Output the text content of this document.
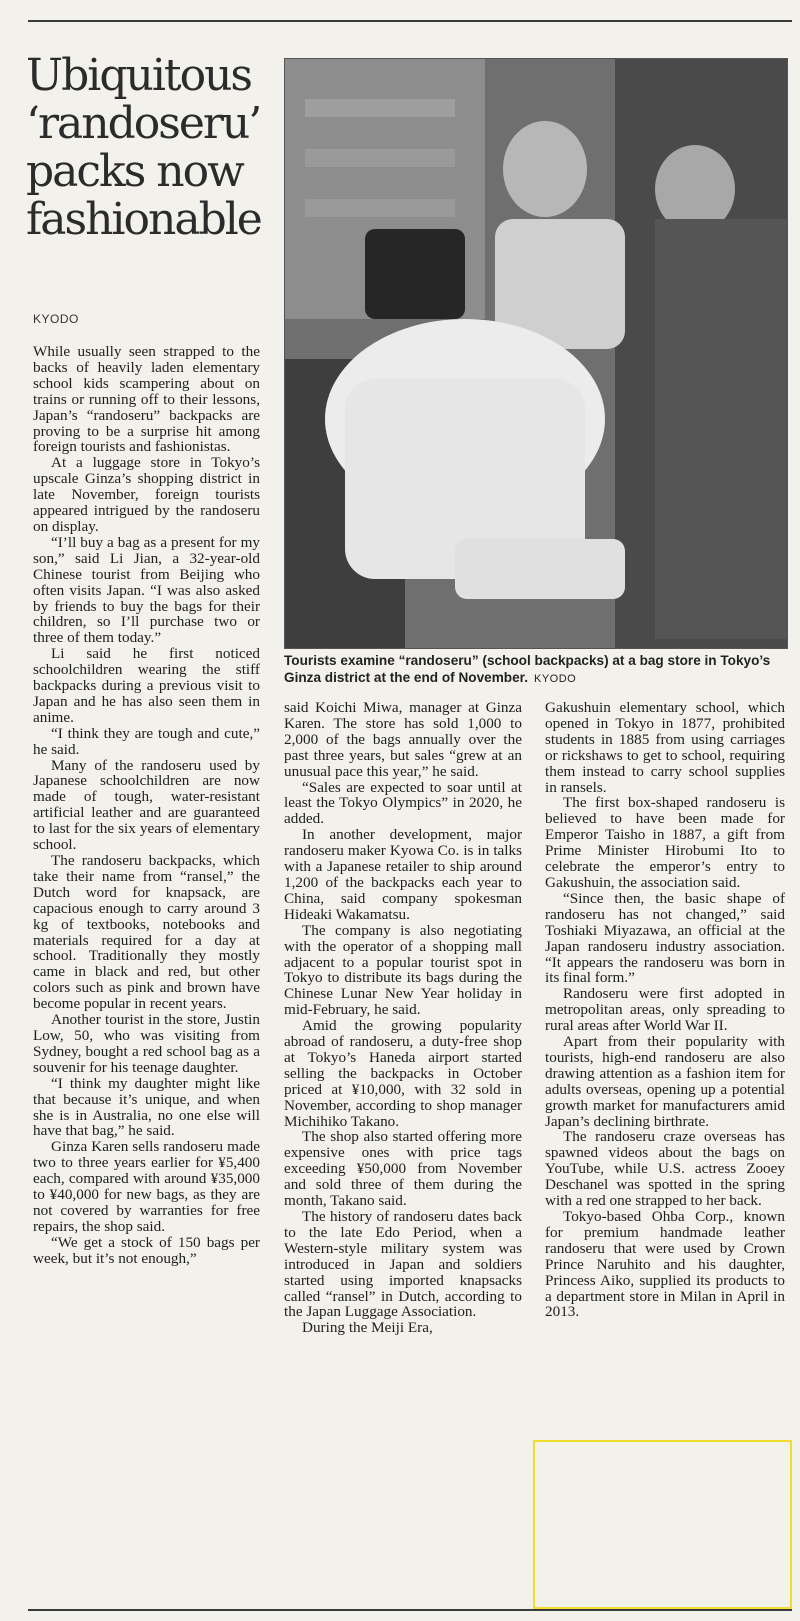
Ubiquitous ‘randoseru’ packs now fashionable
KYODO

While usually seen strapped to the backs of heavily laden elementary school kids scampering about on trains or running off to their lessons, Japan’s “randoseru” backpacks are proving to be a surprise hit among foreign tourists and fashionistas.

At a luggage store in Tokyo’s upscale Ginza’s shopping district in late November, foreign tourists appeared intrigued by the randoseru on display.

“I’ll buy a bag as a present for my son,” said Li Jian, a 32-year-old Chinese tourist from Beijing who often visits Japan. “I was also asked by friends to buy the bags for their children, so I’ll purchase two or three of them today.”

Li said he first noticed schoolchildren wearing the stiff backpacks during a previous visit to Japan and he has also seen them in anime.

“I think they are tough and cute,” he said.

Many of the randoseru used by Japanese schoolchildren are now made of tough, water-resistant artificial leather and are guaranteed to last for the six years of elementary school.

The randoseru backpacks, which take their name from “ransel,” the Dutch word for knapsack, are capacious enough to carry around 3 kg of textbooks, notebooks and materials required for a day at school. Traditionally they mostly came in black and red, but other colors such as pink and brown have become popular in recent years.

Another tourist in the store, Justin Low, 50, who was visiting from Sydney, bought a red school bag as a souvenir for his teenage daughter.

“I think my daughter might like that because it’s unique, and when she is in Australia, no one else will have that bag,” he said.

Ginza Karen sells randoseru made two to three years earlier for ¥5,400 each, compared with around ¥35,000 to ¥40,000 for new bags, as they are not covered by warranties for free repairs, the shop said.

“We get a stock of 150 bags per week, but it’s not enough,”

Tourists examine “randoseru” (school backpacks) at a bag store in Tokyo’s Ginza district at the end of November. KYODO

said Koichi Miwa, manager at Ginza Karen. The store has sold 1,000 to 2,000 of the bags annually over the past three years, but sales “grew at an unusual pace this year,” he said.

“Sales are expected to soar until at least the Tokyo Olympics” in 2020, he added.

In another development, major randoseru maker Kyowa Co. is in talks with a Japanese retailer to ship around 1,200 of the backpacks each year to China, said company spokesman Hideaki Wakamatsu.

The company is also negotiating with the operator of a shopping mall adjacent to a popular tourist spot in Tokyo to distribute its bags during the Chinese Lunar New Year holiday in mid-February, he said.

Amid the growing popularity abroad of randoseru, a duty-free shop at Tokyo’s Haneda airport started selling the backpacks in October priced at ¥10,000, with 32 sold in November, according to shop manager Michihiko Takano.

The shop also started offering more expensive ones with price tags exceeding ¥50,000 from November and sold three of them during the month, Takano said.

The history of randoseru dates back to the late Edo Period, when a Western-style military system was introduced in Japan and soldiers started using imported knapsacks called “ransel” in Dutch, according to the Japan Luggage Association.

During the Meiji Era,

Gakushuin elementary school, which opened in Tokyo in 1877, prohibited students in 1885 from using carriages or rickshaws to get to school, requiring them instead to carry school supplies in ransels.

The first box-shaped randoseru is believed to have been made for Emperor Taisho in 1887, a gift from Prime Minister Hirobumi Ito to celebrate the emperor’s entry to Gakushuin, the association said.

“Since then, the basic shape of randoseru has not changed,” said Toshiaki Miyazawa, an official at the Japan randoseru industry association. “It appears the randoseru was born in its final form.”

Randoseru were first adopted in metropolitan areas, only spreading to rural areas after World War II.

Apart from their popularity with tourists, high-end randoseru are also drawing attention as a fashion item for adults overseas, opening up a potential growth market for manufacturers amid Japan’s declining birthrate.

The randoseru craze overseas has spawned videos about the bags on YouTube, while U.S. actress Zooey Deschanel was spotted in the spring with a red one strapped to her back.

Tokyo-based Ohba Corp., known for premium handmade leather randoseru that were used by Crown Prince Naruhito and his daughter, Princess Aiko, supplied its products to a department store in Milan in April in 2013.
